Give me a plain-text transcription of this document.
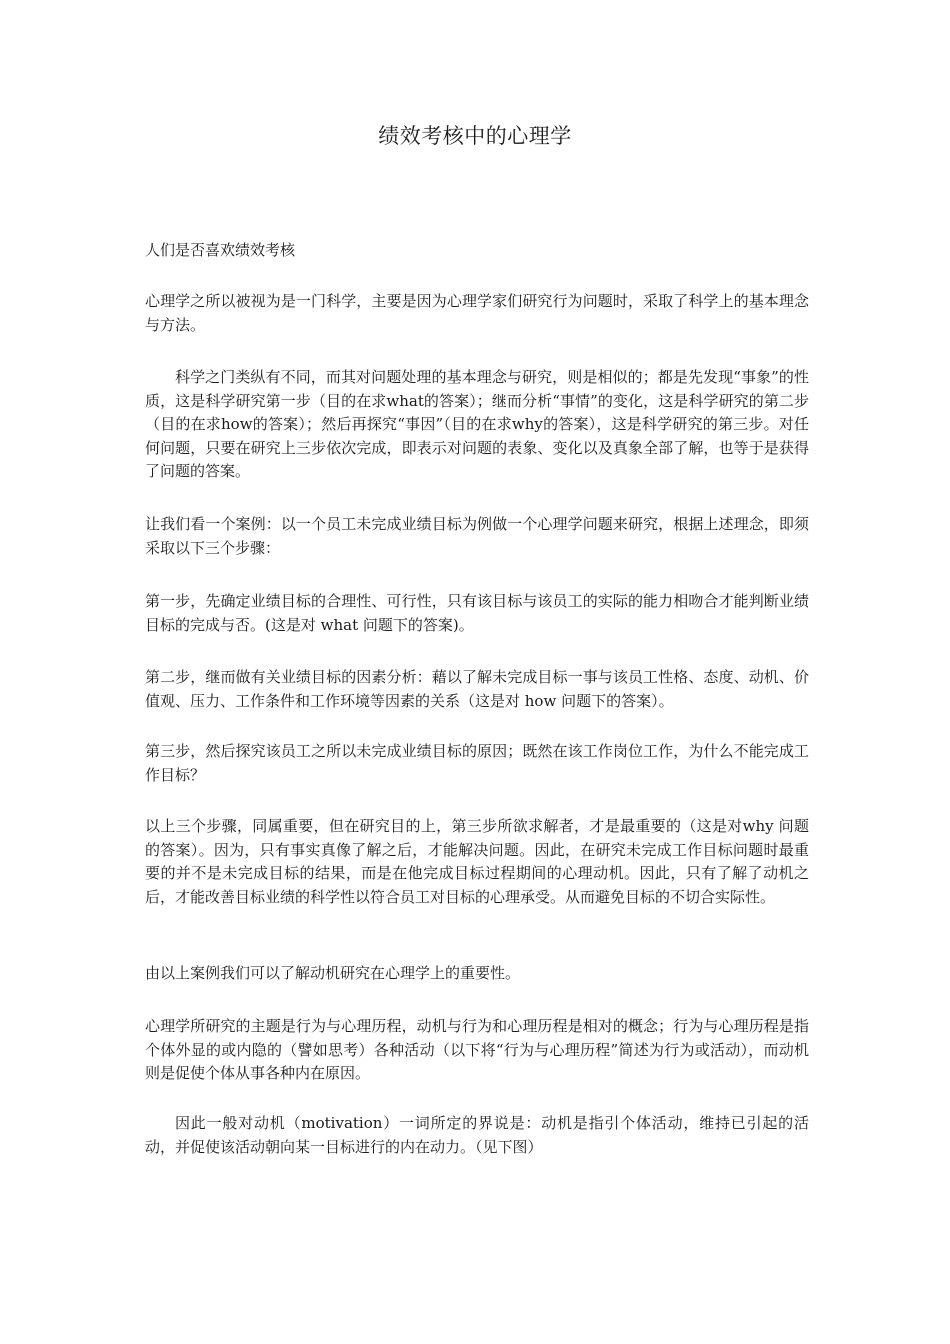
绩效考核中的心理学

人们是否喜欢绩效考核

心理学之所以被视为是一门科学，主要是因为心理学家们研究行为问题时，采取了科学上的基本理念与方法。

科学之门类纵有不同，而其对问题处理的基本理念与研究，则是相似的；都是先发现“事象”的性质，这是科学研究第一步（目的在求what的答案）；继而分析“事情”的变化，这是科学研究的第二步（目的在求how的答案）；然后再探究“事因”（目的在求why的答案），这是科学研究的第三步。对任何问题，只要在研究上三步依次完成，即表示对问题的表象、变化以及真象全部了解，也等于是获得了问题的答案。

让我们看一个案例：以一个员工未完成业绩目标为例做一个心理学问题来研究，根据上述理念，即须采取以下三个步骤：

第一步，先确定业绩目标的合理性、可行性，只有该目标与该员工的实际的能力相吻合才能判断业绩目标的完成与否。(这是对 what 问题下的答案)。

第二步，继而做有关业绩目标的因素分析：藉以了解未完成目标一事与该员工性格、态度、动机、价值观、压力、工作条件和工作环境等因素的关系（这是对 how 问题下的答案）。

第三步，然后探究该员工之所以未完成业绩目标的原因；既然在该工作岗位工作，为什么不能完成工作目标？

以上三个步骤，同属重要，但在研究目的上，第三步所欲求解者，才是最重要的（这是对why 问题的答案）。因为，只有事实真像了解之后，才能解决问题。因此，在研究未完成工作目标问题时最重要的并不是未完成目标的结果，而是在他完成目标过程期间的心理动机。因此，只有了解了动机之后，才能改善目标业绩的科学性以符合员工对目标的心理承受。从而避免目标的不切合实际性。

由以上案例我们可以了解动机研究在心理学上的重要性。

心理学所研究的主题是行为与心理历程，动机与行为和心理历程是相对的概念；行为与心理历程是指个体外显的或内隐的（譬如思考）各种活动（以下将“行为与心理历程”简述为行为或活动），而动机则是促使个体从事各种内在原因。

因此一般对动机（motivation）一词所定的界说是：动机是指引个体活动，维持已引起的活动，并促使该活动朝向某一目标进行的内在动力。（见下图）
